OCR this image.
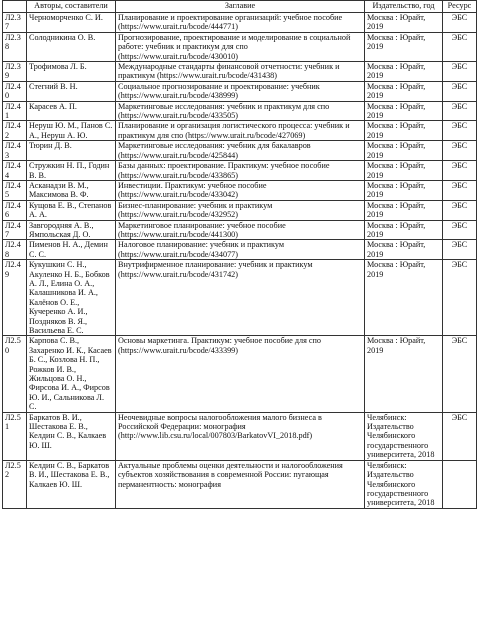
	Авторы, составители	Заглавие	Издательство, год	Ресурс
Л2.37	Черноморченко С. И.	Планирование и проектирование организаций: учебное пособие (https://www.urait.ru/bcode/444771)	Москва : Юрайт, 2019	ЭБС
Л2.38	Солодникина О. В.	Прогнозирование, проектирование и моделирование в социальной работе: учебник и практикум для спо (https://www.urait.ru/bcode/430010)	Москва : Юрайт, 2019	ЭБС
Л2.39	Трофимова Л. Б.	Международные стандарты финансовой отчетности: учебник и практикум (https://www.urait.ru/bcode/431438)	Москва : Юрайт, 2019	ЭБС
Л2.40	Стегний В. Н.	Социальное прогнозирование и проектирование: учебник (https://www.urait.ru/bcode/438999)	Москва : Юрайт, 2019	ЭБС
Л2.41	Карасев А. П.	Маркетинговые исследования: учебник и практикум для спо (https://www.urait.ru/bcode/433505)	Москва : Юрайт, 2019	ЭБС
Л2.42	Неруш Ю. М., Панов С. А., Неруш А. Ю.	Планирование и организация логистического процесса: учебник и практикум для спо (https://www.urait.ru/bcode/427069)	Москва : Юрайт, 2019	ЭБС
Л2.43	Тюрин Д. В.	Маркетинговые исследования: учебник для бакалавров (https://www.urait.ru/bcode/425844)	Москва : Юрайт, 2019	ЭБС
Л2.44	Стружкин Н. П., Годин В. В.	Базы данных: проектирование. Практикум: учебное пособие (https://www.urait.ru/bcode/433865)	Москва : Юрайт, 2019	ЭБС
Л2.45	Асканадзи В. М., Максимова В. Ф.	Инвестиции. Практикум: учебное пособие (https://www.urait.ru/bcode/433042)	Москва : Юрайт, 2019	ЭБС
Л2.46	Кущова Е. В., Степанов А. А.	Бизнес-планирование: учебник и практикум (https://www.urait.ru/bcode/432952)	Москва : Юрайт, 2019	ЭБС
Л2.47	Завгородняя А. В., Ямпольская Д. О.	Маркетинговое планирование: учебное пособие (https://www.urait.ru/bcode/441300)	Москва : Юрайт, 2019	ЭБС
Л2.48	Пименов Н. А., Демин С. С.	Налоговое планирование: учебник и практикум (https://www.urait.ru/bcode/434077)	Москва : Юрайт, 2019	ЭБС
Л2.49	Кукушкин С. Н., Акуленко Н. Б., Бобков А. Л., Елина О. А., Калашникова И. А., Калёнов О. Е., Кучеренко А. И., Поздняков В. Я., Васильева Е. С.	Внутрифирменное планирование: учебник и практикум (https://www.urait.ru/bcode/431742)	Москва : Юрайт, 2019	ЭБС
Л2.50	Карпова С. В., Захаренко И. К., Касаев Б. С., Козлова Н. П., Рожков И. В., Жильцова О. Н., Фирсова И. А., Фирсов Ю. И., Сальникова Л. С.	Основы маркетинга. Практикум: учебное пособие для спо (https://www.urait.ru/bcode/433399)	Москва : Юрайт, 2019	ЭБС
Л2.51	Баркатов В. И., Шестакова Е. В., Келдин С. В., Калкаев Ю. Ш.	Неочевидные вопросы налогообложения малого бизнеса в Российской Федерации: монография (http://www.lib.csu.ru/local/007803/BarkatovVI_2018.pdf)	Челябинск: Издательство Челябинского государственного университета, 2018	ЭБС
Л2.52	Келдин С. В., Баркатов В. И., Шестакова Е. В., Калкаев Ю. Ш.	Актуальные проблемы оценки деятельности и налогообложения субъектов хозяйствования в современной России: пугающая перманентность: монография	Челябинск: Издательство Челябинского государственного университета, 2018	
